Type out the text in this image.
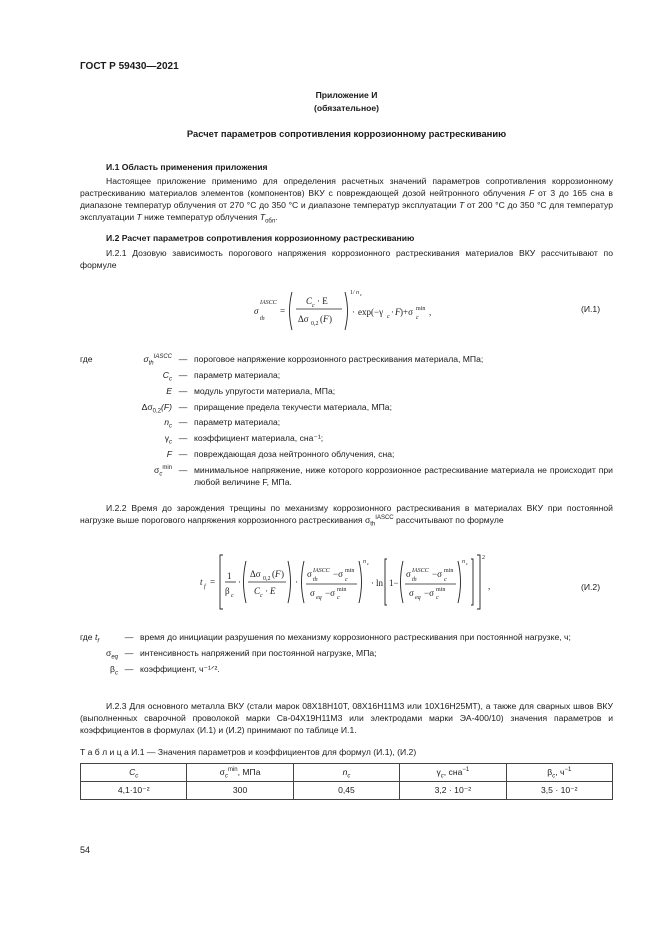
ГОСТ Р 59430—2021
Приложение И
(обязательное)
Расчет параметров сопротивления коррозионному растрескиванию
И.1 Область применения приложения
Настоящее приложение применимо для определения расчетных значений параметров сопротивления коррозионному растрескиванию материалов элементов (компонентов) ВКУ с повреждающей дозой нейтронного облучения F от 3 до 165 сна в диапазоне температур облучения от 270 °С до 350 °С и диапазоне температур эксплуатации T от 200 °С до 350 °С для температур эксплуатации T ниже температур облучения $T_{обл}$.
И.2 Расчет параметров сопротивления коррозионному растрескиванию
И.2.1 Дозовую зависимость порогового напряжения коррозионного растрескивания материалов ВКУ рассчитывают по формуле
σ
IASCC
th
=
C c · E
Δσ 0,2 ( F )
1/ n c
· exp(−γ c · F )+σ min
c
,	(И.1)
где	$\sigma_{th}^{IASCC}$ — пороговое напряжение коррозионного растрескивания материала, МПа;
$C_c$ — параметр материала;
E — модуль упругости материала, МПа;
$\Delta\sigma_{0,2}(F)$ — приращение предела текучести материала, МПа;
$n_c$ — параметр материала;
$\gamma_c$ — коэффициент материала, сна⁻¹;
F — повреждающая доза нейтронного облучения, сна;
$\sigma_c^{min}$ — минимальное напряжение, ниже которого коррозионное растрескивание материала не происходит при любой величине F, МПа.
И.2.2 Время до зарождения трещины по механизму коррозионного растрескивания в материалах ВКУ при постоянной нагрузке выше порогового напряжения коррозионного растрескивания $\sigma_{th}^{IASCC}$ рассчитывают по формуле
t f =
1
β c
·
Δσ 0,2 ( F )
C c · E
·
σ IASCC
th
−σ min
c
σ eq −σ min
c
n c
· ln 1−
σ IASCC
th
−σ min
c
σ eq −σ min
c
n c
2
,	(И.2)
где $t_f$	— время до инициации разрушения по механизму коррозионного растрескивания при постоянной нагрузке, ч;
$\sigma_{eq}$ — интенсивность напряжений при постоянной нагрузке, МПа;
$\beta_c$ — коэффициент, ч⁻¹ᐟ².
И.2.3 Для основного металла ВКУ (стали марок 08Х18Н10Т, 08Х16Н11М3 или 10Х16Н25МТ), а также для сварных швов ВКУ (выполненных сварочной проволокой марки Св-04Х19Н11М3 или электродами марки ЭА-400/10) значения параметров и коэффициентов в формулах (И.1) и (И.2) принимают по таблице И.1.
Т а б л и ц а И.1 — Значения параметров и коэффициентов для формул (И.1), (И.2)
$C_c$	$\sigma_c^{min}$, МПа	$n_c$	$\gamma_c$, сна$^{-1}$	$\beta_c$, $ч^{-1}$
4,1·10⁻²	300	0,45	3,2 · 10⁻²	3,5 · 10⁻²
54
